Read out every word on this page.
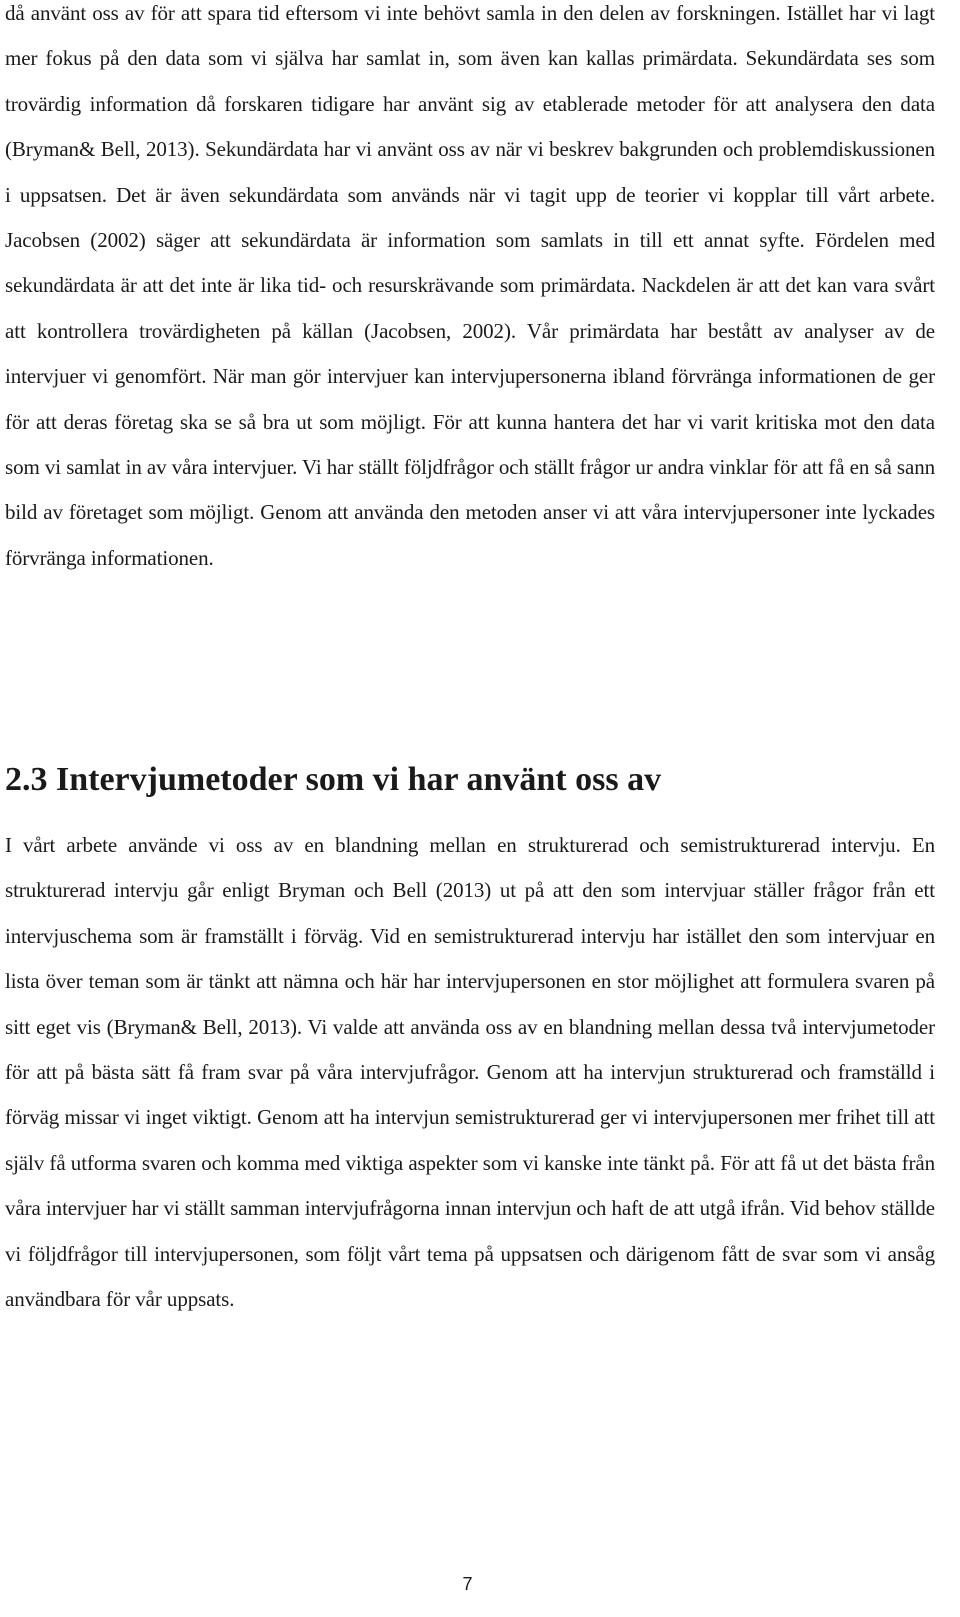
då använt oss av för att spara tid eftersom vi inte behövt samla in den delen av forskningen. Istället har vi lagt mer fokus på den data som vi själva har samlat in, som även kan kallas primärdata. Sekundärdata ses som trovärdig information då forskaren tidigare har använt sig av etablerade metoder för att analysera den data (Bryman& Bell, 2013). Sekundärdata har vi använt oss av när vi beskrev bakgrunden och problemdiskussionen i uppsatsen. Det är även sekundärdata som används när vi tagit upp de teorier vi kopplar till vårt arbete. Jacobsen (2002) säger att sekundärdata är information som samlats in till ett annat syfte. Fördelen med sekundärdata är att det inte är lika tid- och resurskrävande som primärdata. Nackdelen är att det kan vara svårt att kontrollera trovärdigheten på källan (Jacobsen, 2002). Vår primärdata har bestått av analyser av de intervjuer vi genomfört. När man gör intervjuer kan intervjupersonerna ibland förvränga informationen de ger för att deras företag ska se så bra ut som möjligt. För att kunna hantera det har vi varit kritiska mot den data som vi samlat in av våra intervjuer. Vi har ställt följdfrågor och ställt frågor ur andra vinklar för att få en så sann bild av företaget som möjligt. Genom att använda den metoden anser vi att våra intervjupersoner inte lyckades förvränga informationen.

2.3 Intervjumetoder som vi har använt oss av

I vårt arbete använde vi oss av en blandning mellan en strukturerad och semistrukturerad intervju. En strukturerad intervju går enligt Bryman och Bell (2013) ut på att den som intervjuar ställer frågor från ett intervjuschema som är framställt i förväg. Vid en semistrukturerad intervju har istället den som intervjuar en lista över teman som är tänkt att nämna och här har intervjupersonen en stor möjlighet att formulera svaren på sitt eget vis (Bryman& Bell, 2013). Vi valde att använda oss av en blandning mellan dessa två intervjumetoder för att på bästa sätt få fram svar på våra intervjufrågor. Genom att ha intervjun strukturerad och framställd i förväg missar vi inget viktigt. Genom att ha intervjun semistrukturerad ger vi intervjupersonen mer frihet till att själv få utforma svaren och komma med viktiga aspekter som vi kanske inte tänkt på. För att få ut det bästa från våra intervjuer har vi ställt samman intervjufrågorna innan intervjun och haft de att utgå ifrån. Vid behov ställde vi följdfrågor till intervjupersonen, som följt vårt tema på uppsatsen och därigenom fått de svar som vi ansåg användbara för vår uppsats.

7
